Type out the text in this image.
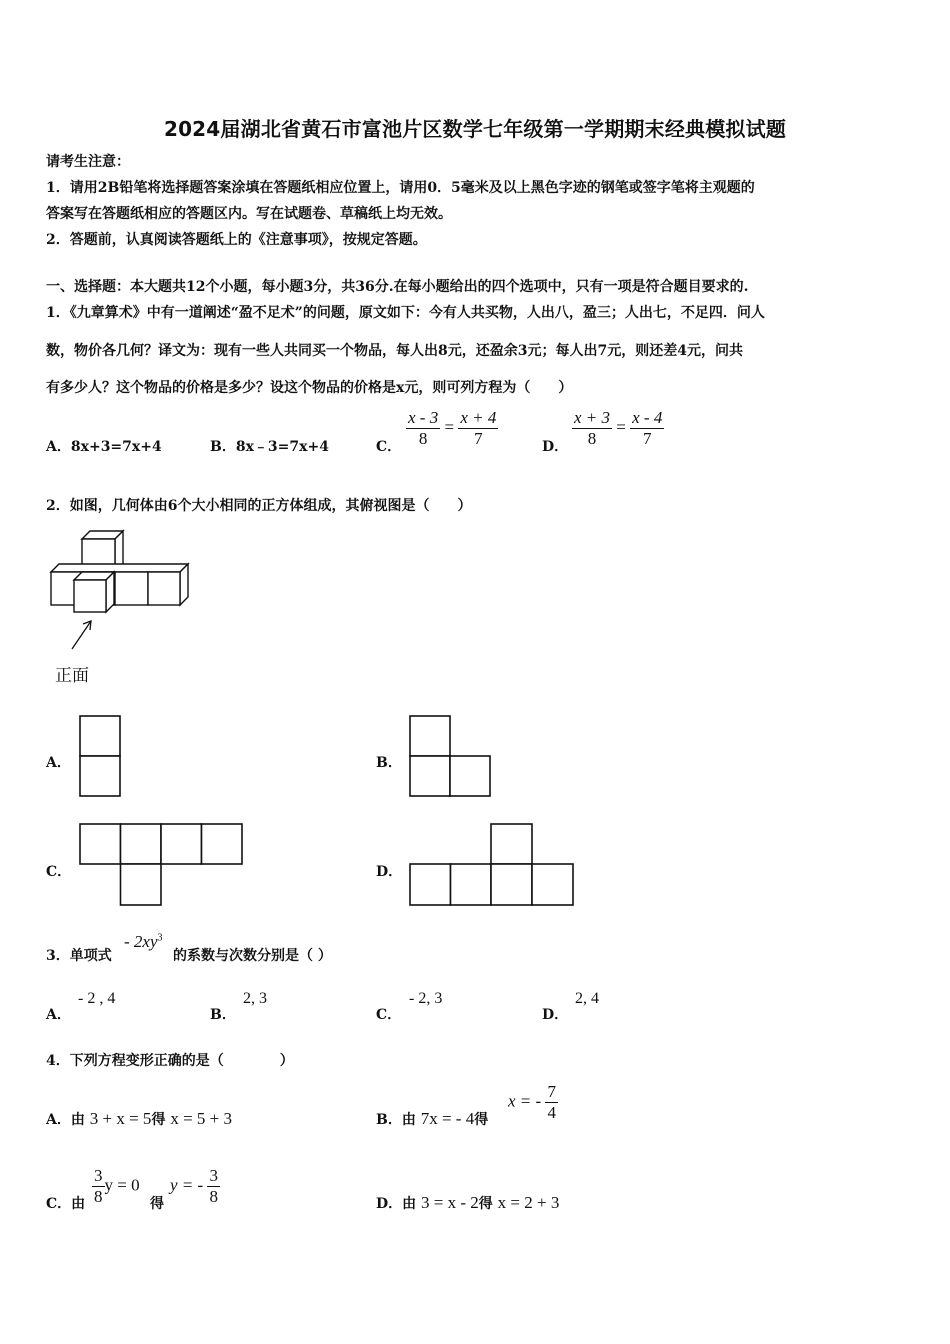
2024届湖北省黄石市富池片区数学七年级第一学期期末经典模拟试题
请考生注意：
1．请用2B铅笔将选择题答案涂填在答题纸相应位置上，请用0．5毫米及以上黑色字迹的钢笔或签字笔将主观题的
答案写在答题纸相应的答题区内。写在试题卷、草稿纸上均无效。
2．答题前，认真阅读答题纸上的《注意事项》，按规定答题。
一、选择题：本大题共12个小题，每小题3分，共36分.在每小题给出的四个选项中，只有一项是符合题目要求的.
1．《九章算术》中有一道阐述“盈不足术”的问题，原文如下：今有人共买物，人出八，盈三；人出七，不足四．问人
数，物价各几何？译文为：现有一些人共同买一个物品，每人出8元，还盈余3元；每人出7元，则还差4元，问共
有多少人？这个物品的价格是多少？设这个物品的价格是x元，则可列方程为（　　）
A．8x+3=7x+4	B．8x﹣3=7x+4	C． $\frac{x - 3}{8} = \frac{x + 4}{7}$	D． $\frac{x + 3}{8} = \frac{x - 4}{7}$
2．如图，几何体由6个大小相同的正方体组成，其俯视图是（　　）
正面
A．	B．
C．	D．
3．单项式
- $2xy^3$
的系数与次数分别是（ ）
A．
- 2 , 4
B．
2, 3
C．
- 2, 3
D．
2, 4
4．下列方程变形正确的是（　　　　）
A．由 3 + x = 5得 x = 5 + 3	B．由 7x = - 4得
x = - $\frac{7}{4}$
C．由 $\frac{3}{8}$ y = 0
得
y = - $\frac{3}{8}$	D．由 3 = x - 2得 x = 2 + 3
